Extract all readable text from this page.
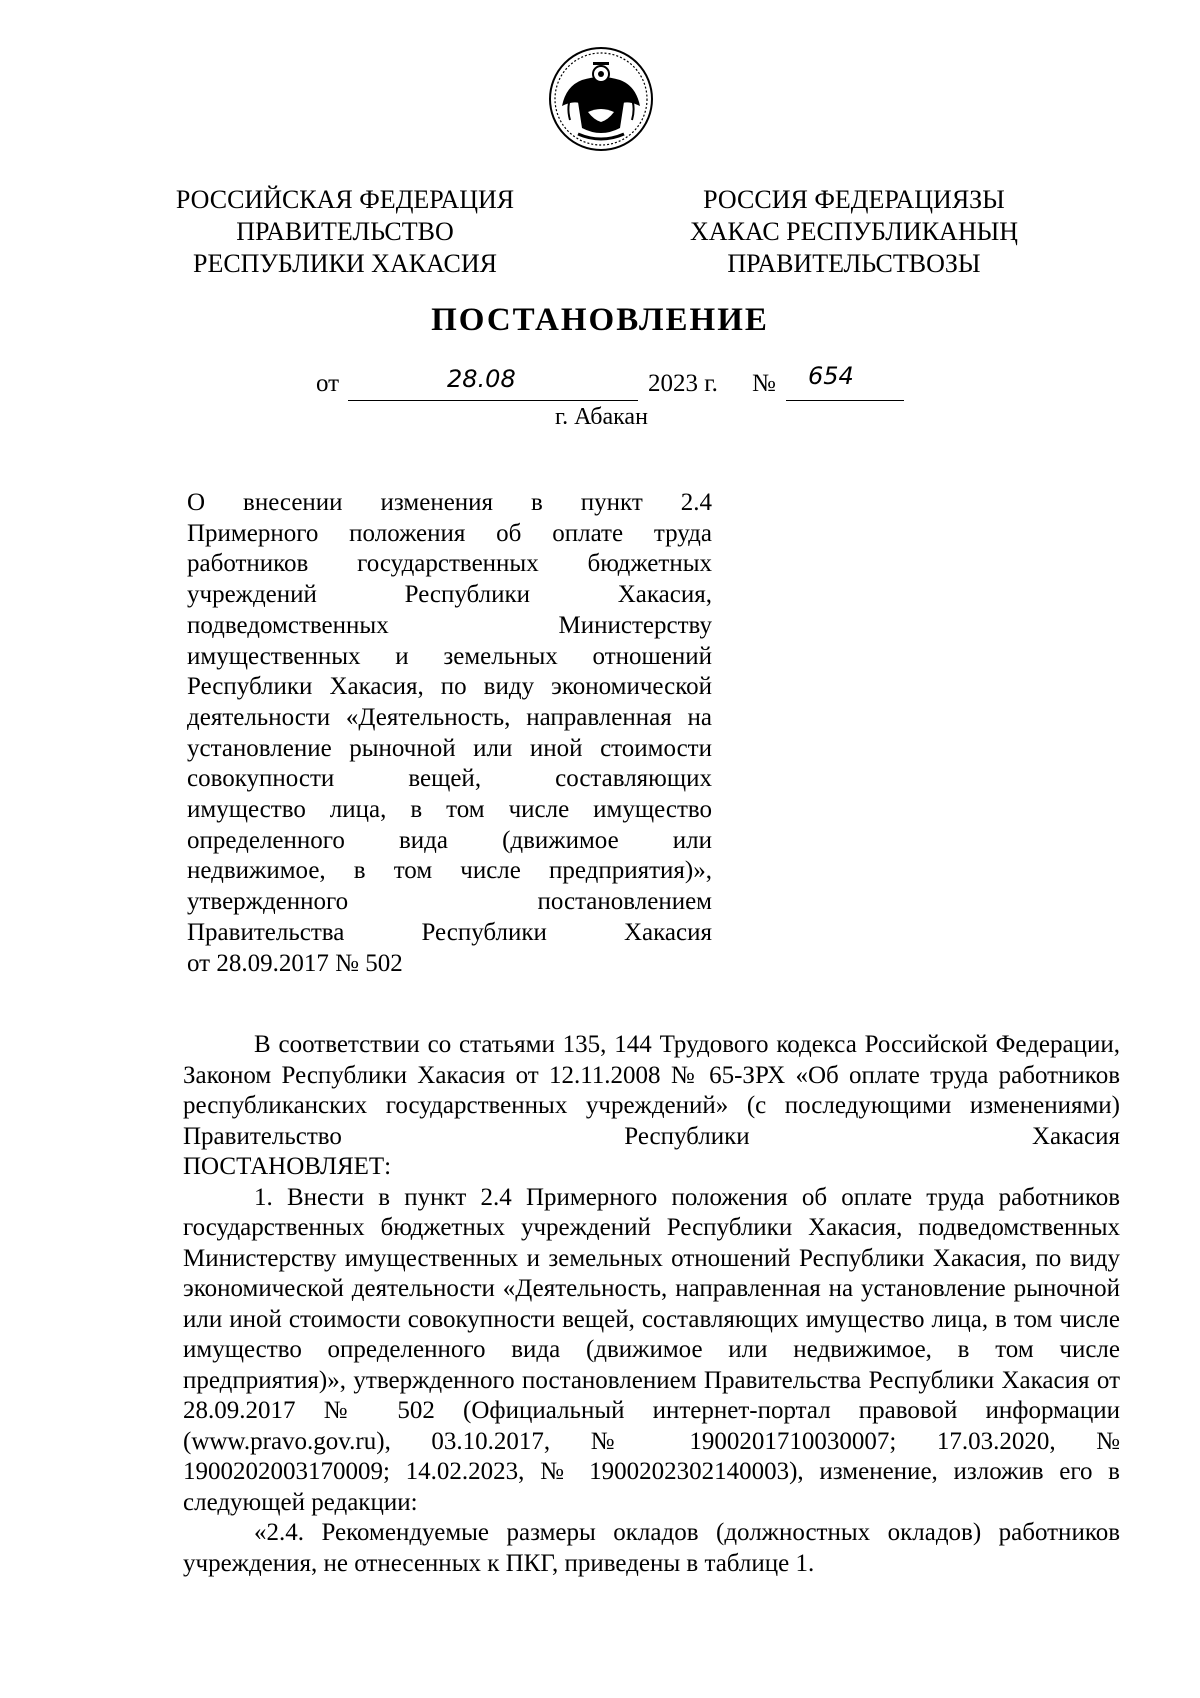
РОССИЙСКАЯ ФЕДЕРАЦИЯ
ПРАВИТЕЛЬСТВО
РЕСПУБЛИКИ ХАКАСИЯ
РОССИЯ ФЕДЕРАЦИЯЗЫ
ХАКАС РЕСПУБЛИКАНЫҢ
ПРАВИТЕЛЬСТВОЗЫ
ПОСТАНОВЛЕНИЕ
от	28.08	2023 г. № 654
г. Абакан
О внесении изменения в пункт 2.4
Примерного положения об оплате труда
работников государственных бюджетных
учреждений Республики Хакасия,
подведомственных Министерству
имущественных и земельных отношений
Республики Хакасия, по виду экономической
деятельности «Деятельность, направленная на
установление рыночной или иной стоимости
совокупности вещей, составляющих
имущество лица, в том числе имущество
определенного вида (движимое или
недвижимое, в том числе предприятия)»,
утвержденного постановлением
Правительства Республики Хакасия
от 28.09.2017 № 502

В соответствии со статьями 135, 144 Трудового кодекса Российской Федерации, Законом Республики Хакасия от 12.11.2008 № 65-ЗРХ «Об оплате труда работников республиканских государственных учреждений» (с последующими изменениями) Правительство Республики Хакасия

ПОСТАНОВЛЯЕТ:

1. Внести в пункт 2.4 Примерного положения об оплате труда работников государственных бюджетных учреждений Республики Хакасия, подведомственных Министерству имущественных и земельных отношений Республики Хакасия, по виду экономической деятельности «Деятельность, направленная на установление рыночной или иной стоимости совокупности вещей, составляющих имущество лица, в том числе имущество определенного вида (движимое или недвижимое, в том числе предприятия)», утвержденного постановлением Правительства Республики Хакасия от 28.09.2017 № 502 (Официальный интернет-портал правовой информации (www.pravo.gov.ru), 03.10.2017, № 1900201710030007; 17.03.2020, № 1900202003170009; 14.02.2023, № 1900202302140003), изменение, изложив его в следующей редакции:

«2.4. Рекомендуемые размеры окладов (должностных окладов) работников учреждения, не отнесенных к ПКГ, приведены в таблице 1.
